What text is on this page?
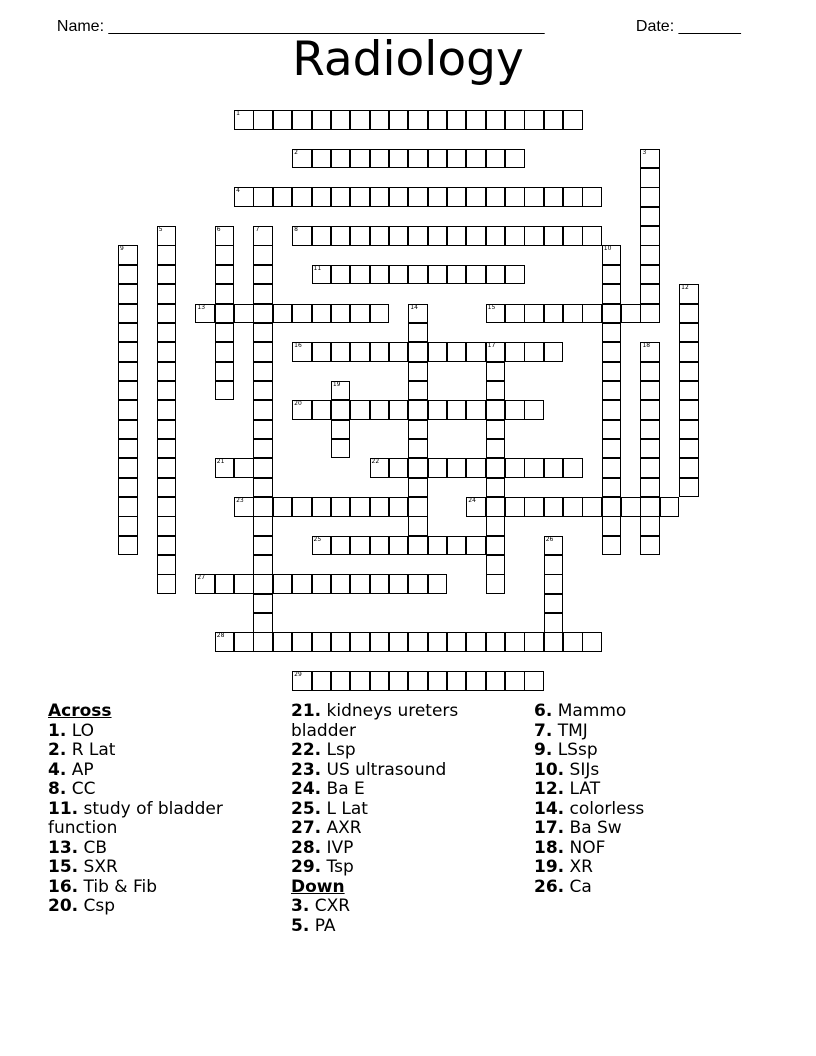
Name: _________________________________________________	Date: _______

Radiology
1
2	3
4
5	6	7	8
9	10
11
12
13	14	15
16	17	18
19
20
21	22
23	24
25	26
27
28
29
Across
1. LO
2. R Lat
4. AP
8. CC
11. study of bladder function
13. CB
15. SXR
16. Tib & Fib
20. Csp
21. kidneys ureters bladder
22. Lsp
23. US ultrasound
24. Ba E
25. L Lat
27. AXR
28. IVP
29. Tsp
Down
3. CXR
5. PA
6. Mammo
7. TMJ
9. LSsp
10. SIJs
12. LAT
14. colorless
17. Ba Sw
18. NOF
19. XR
26. Ca
